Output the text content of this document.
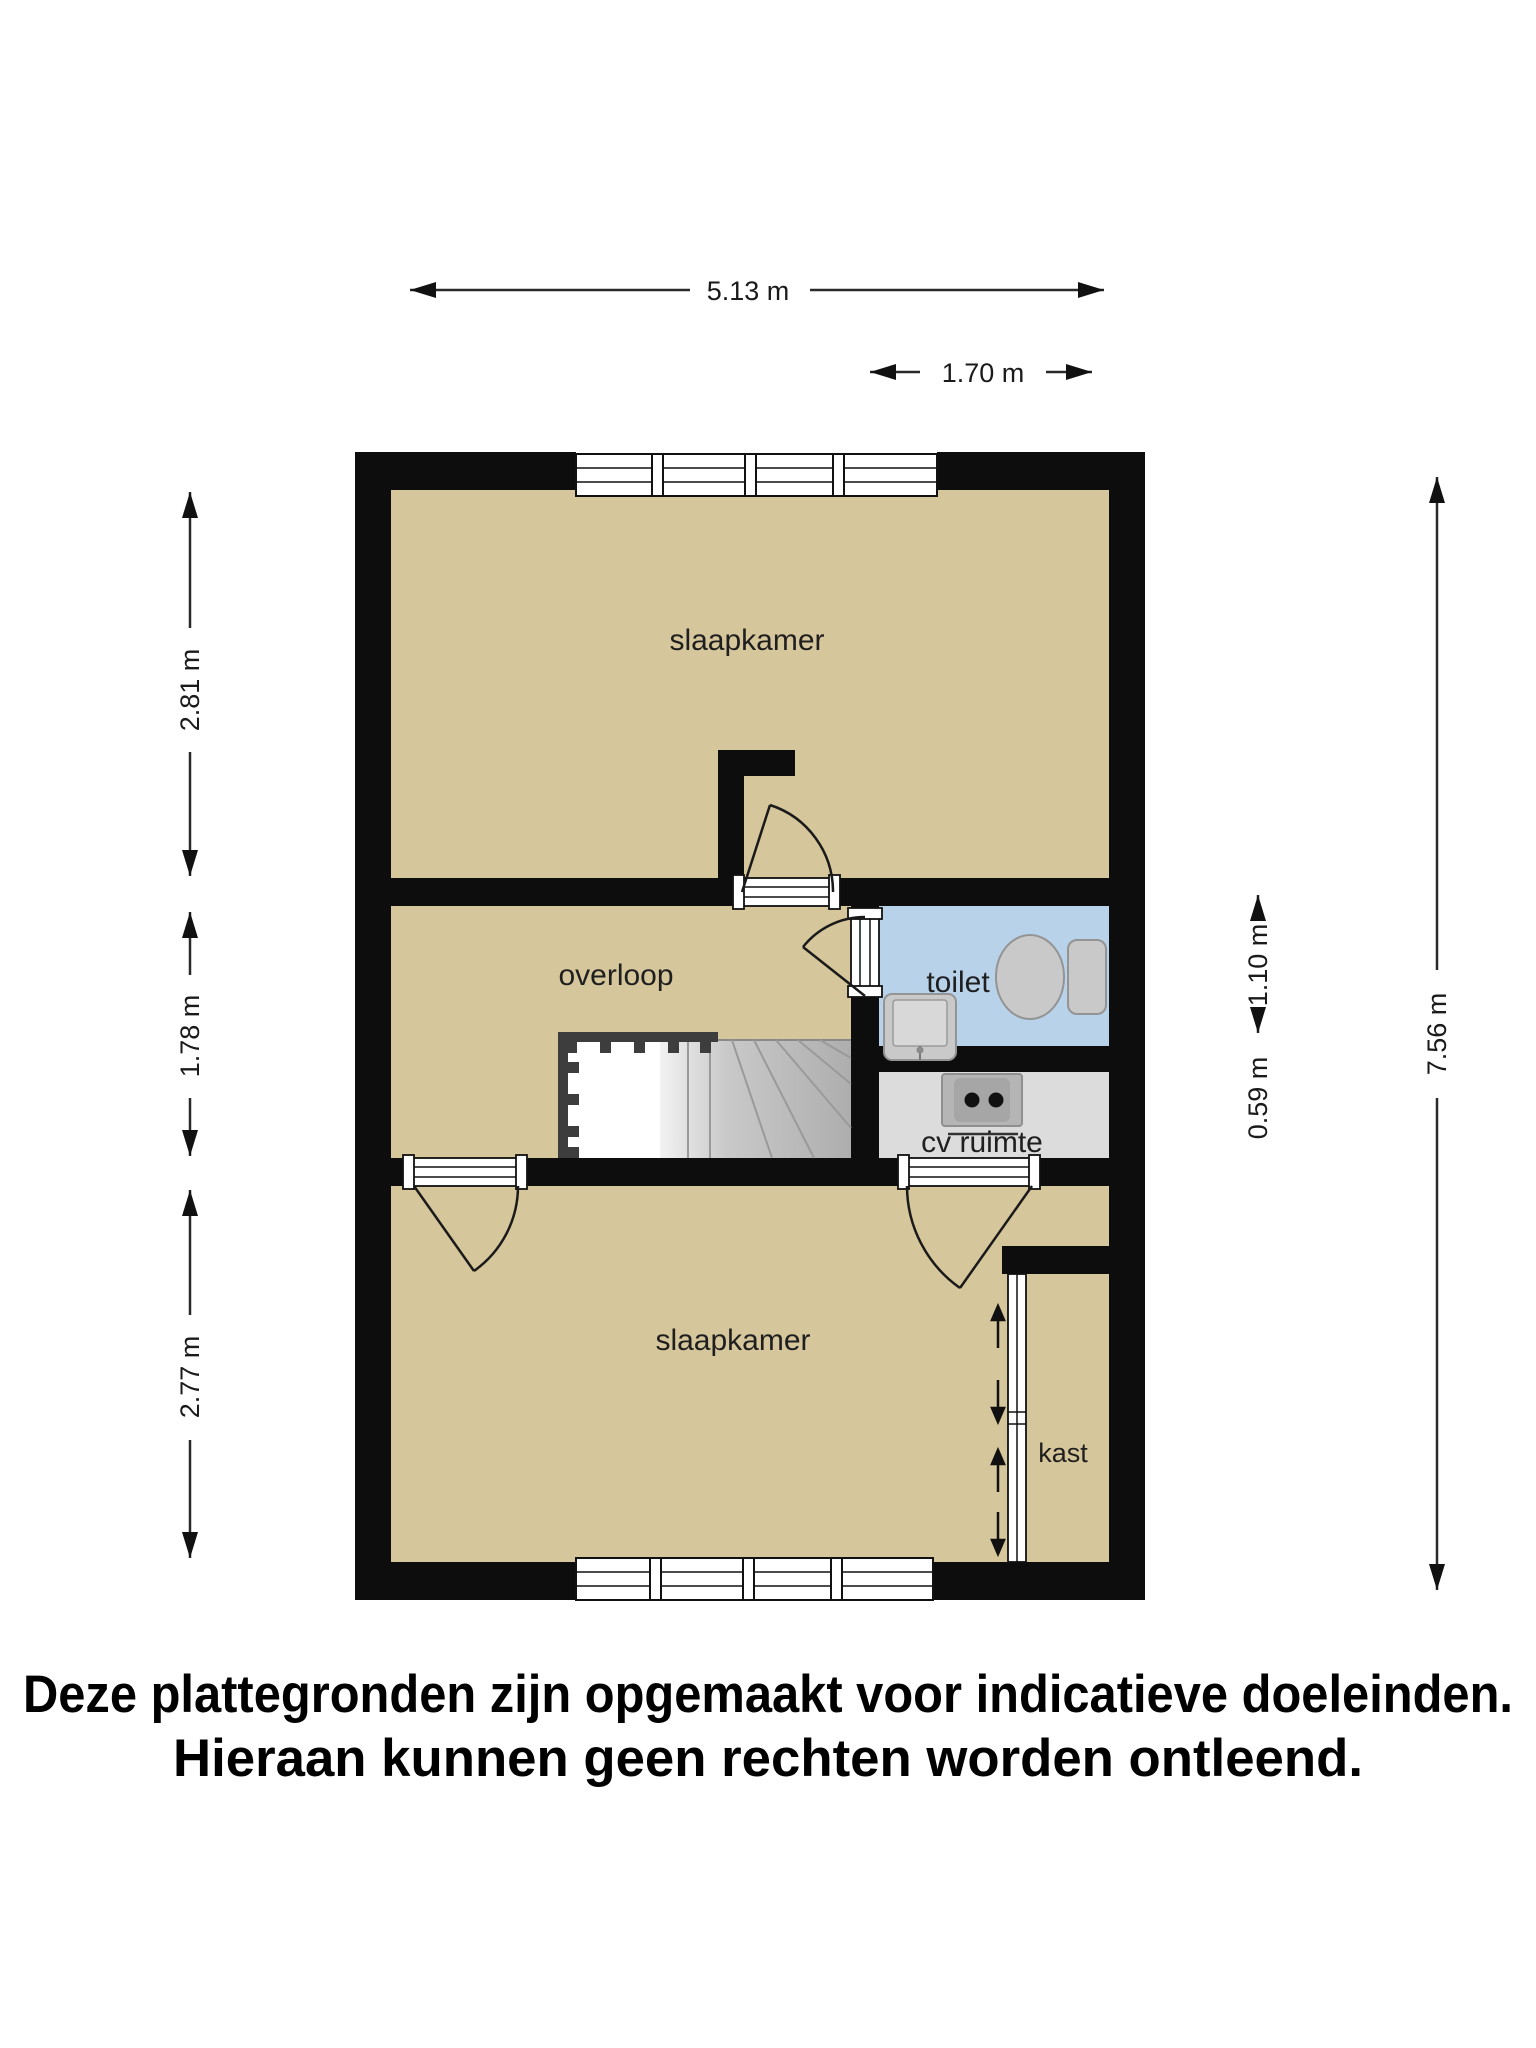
slaapkamer
overloop	toilet
cv ruimte
slaapkamer
kast
5.13 m
1.70 m
2.81 m
1.78 m
2.77 m
1.10 m
0.59 m
7.56 m
Deze plattegronden zijn opgemaakt voor indicatieve doeleinden.
Hieraan kunnen geen rechten worden ontleend.
